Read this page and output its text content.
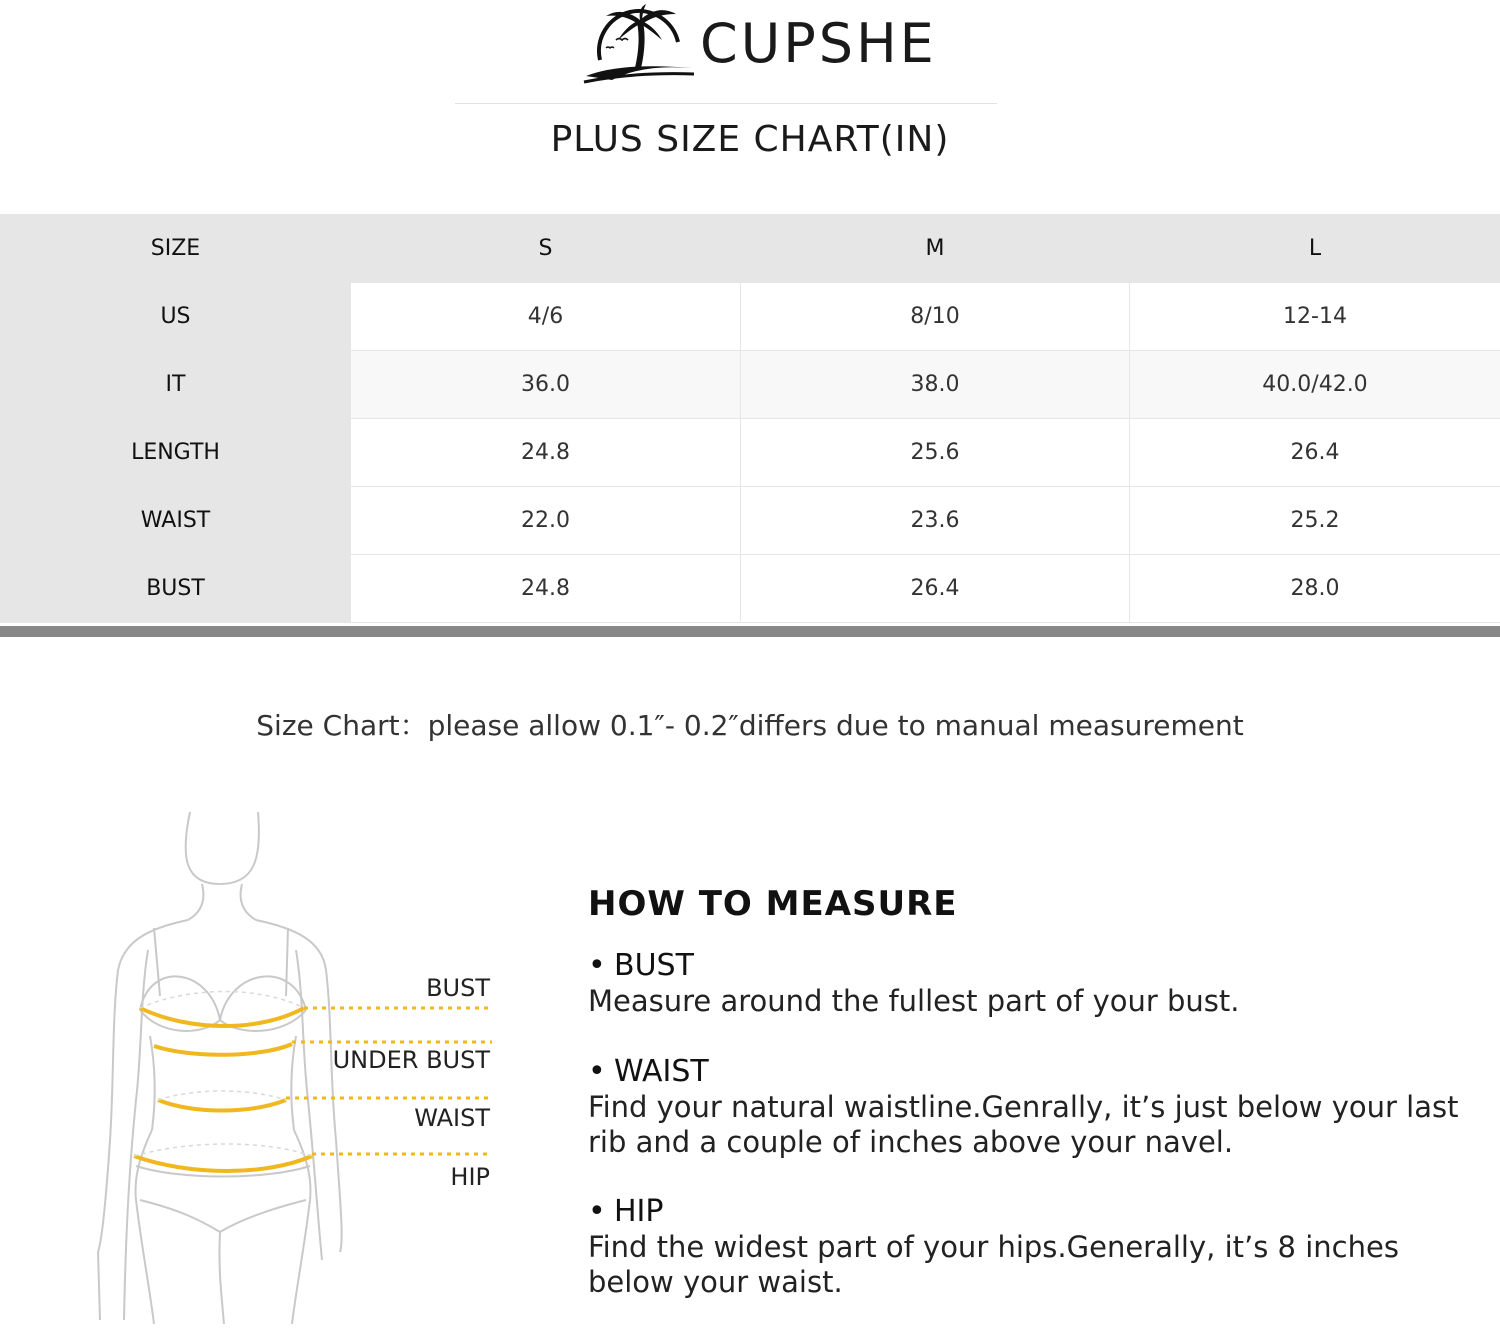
CUPSHE
PLUS SIZE CHART(IN)
SIZE	S	M	L
US	4/6	8/10	12-14
IT	36.0	38.0	40.0/42.0
LENGTH	24.8	25.6	26.4
WAIST	22.0	23.6	25.2
BUST	24.8	26.4	28.0
Size Chart：please allow 0.1″- 0.2″differs due to manual measurement
BUST
UNDER BUST
WAIST
HIP
HOW TO MEASURE
• BUST
Measure around the fullest part of your bust.
• WAIST
Find your natural waistline.Genrally, it’s just below your last
rib and a couple of inches above your navel.
• HIP
Find the widest part of your hips.Generally, it’s 8 inches
below your waist.
